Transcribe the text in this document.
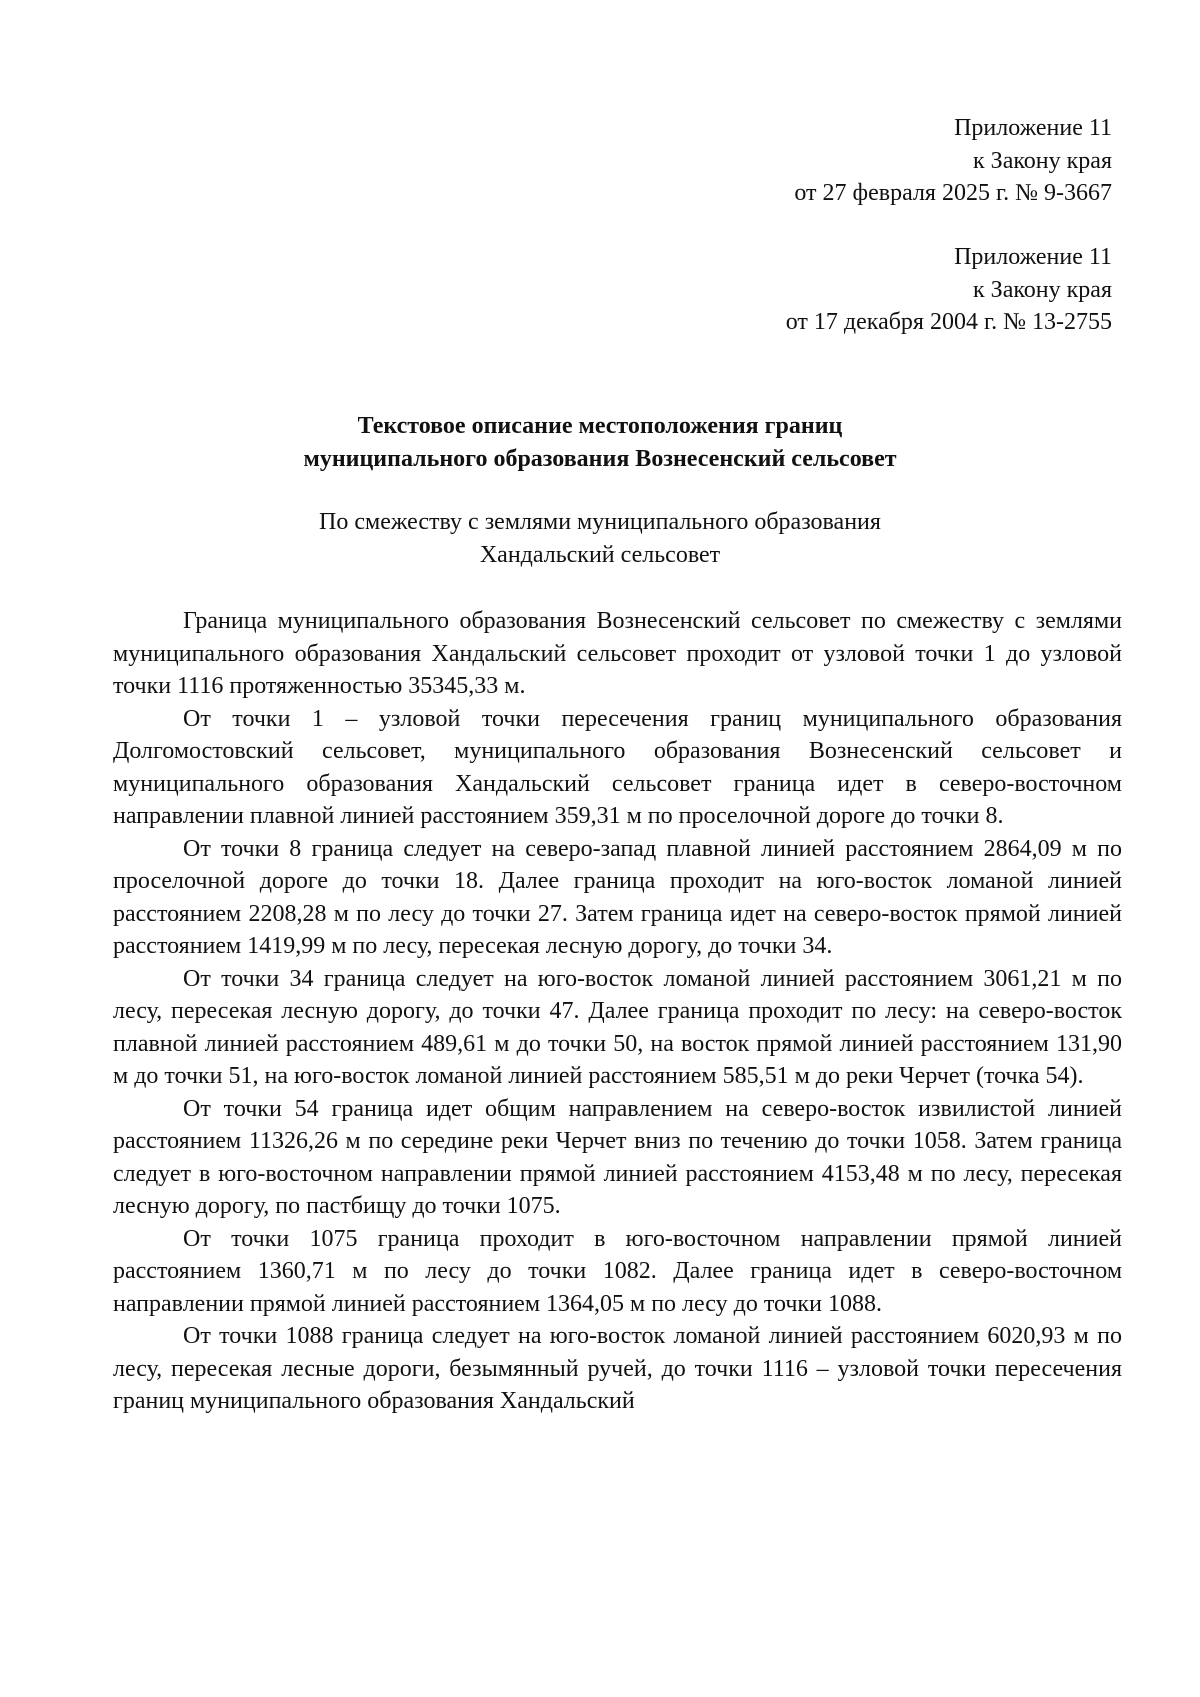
Приложение 11
к Закону края
от 27 февраля 2025 г. № 9-3667
Приложение 11
к Закону края
от 17 декабря 2004 г. № 13-2755
Текстовое описание местоположения границ
муниципального образования Вознесенский сельсовет
По смежеству с землями муниципального образования
Хандальский сельсовет

Граница муниципального образования Вознесенский сельсовет по смежеству с землями муниципального образования Хандальский сельсовет проходит от узловой точки 1 до узловой точки 1116 протяженностью 35345,33 м.

От точки 1 – узловой точки пересечения границ муниципального образования Долгомостовский сельсовет, муниципального образования Вознесенский сельсовет и муниципального образования Хандальский сельсовет граница идет в северо-восточном направлении плавной линией расстоянием 359,31 м по проселочной дороге до точки 8.

От точки 8 граница следует на северо-запад плавной линией расстоянием 2864,09 м по проселочной дороге до точки 18. Далее граница проходит на юго-восток ломаной линией расстоянием 2208,28 м по лесу до точки 27. Затем граница идет на северо-восток прямой линией расстоянием 1419,99 м по лесу, пересекая лесную дорогу, до точки 34.

От точки 34 граница следует на юго-восток ломаной линией расстоянием 3061,21 м по лесу, пересекая лесную дорогу, до точки 47. Далее граница проходит по лесу: на северо-восток плавной линией расстоянием 489,61 м до точки 50, на восток прямой линией расстоянием 131,90 м до точки 51, на юго-восток ломаной линией расстоянием 585,51 м до реки Черчет (точка 54).

От точки 54 граница идет общим направлением на северо-восток извилистой линией расстоянием 11326,26 м по середине реки Черчет вниз по течению до точки 1058. Затем граница следует в юго-восточном направлении прямой линией расстоянием 4153,48 м по лесу, пересекая лесную дорогу, по пастбищу до точки 1075.

От точки 1075 граница проходит в юго-восточном направлении прямой линией расстоянием 1360,71 м по лесу до точки 1082. Далее граница идет в северо-восточном направлении прямой линией расстоянием 1364,05 м по лесу до точки 1088.

От точки 1088 граница следует на юго-восток ломаной линией расстоянием 6020,93 м по лесу, пересекая лесные дороги, безымянный ручей, до точки 1116 – узловой точки пересечения границ муниципального образования Хандальский
